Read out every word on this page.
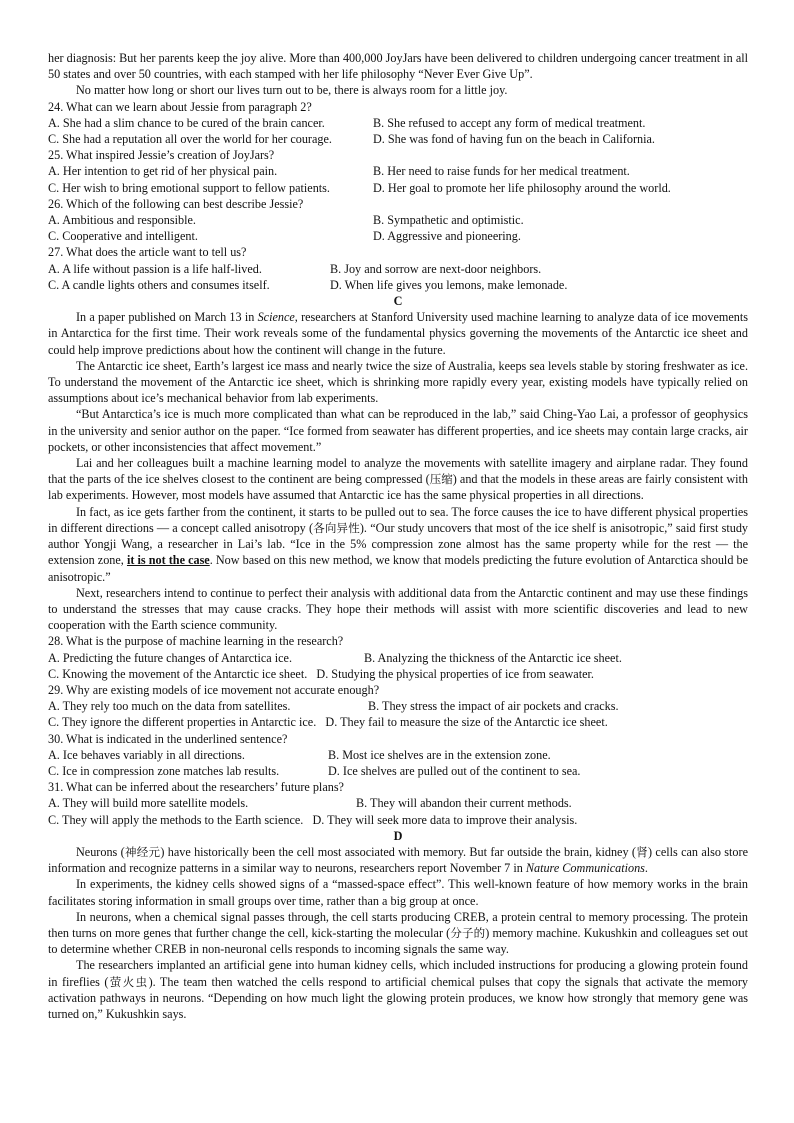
her diagnosis: But her parents keep the joy alive. More than 400,000 JoyJars have been delivered to children undergoing cancer treatment in all 50 states and over 50 countries, with each stamped with her life philosophy “Never Ever Give Up”.

No matter how long or short our lives turn out to be, there is always room for a little joy.

24. What can we learn about Jessie from paragraph 2?

A. She had a slim chance to be cured of the brain cancer.	B. She refused to accept any form of medical treatment.
C. She had a reputation all over the world for her courage.	D. She was fond of having fun on the beach in California.

25. What inspired Jessie’s creation of JoyJars?

A. Her intention to get rid of her physical pain.	B. Her need to raise funds for her medical treatment.
C. Her wish to bring emotional support to fellow patients.	D. Her goal to promote her life philosophy around the world.

26. Which of the following can best describe Jessie?

A. Ambitious and responsible.	B. Sympathetic and optimistic.
C. Cooperative and intelligent.	D. Aggressive and pioneering.

27. What does the article want to tell us?

A. A life without passion is a life half-lived.	B. Joy and sorrow are next-door neighbors.
C. A candle lights others and consumes itself.	D. When life gives you lemons, make lemonade.

C

In a paper published on March 13 in Science, researchers at Stanford University used machine learning to analyze data of ice movements in Antarctica for the first time. Their work reveals some of the fundamental physics governing the movements of the Antarctic ice sheet and could help improve predictions about how the continent will change in the future.

The Antarctic ice sheet, Earth’s largest ice mass and nearly twice the size of Australia, keeps sea levels stable by storing freshwater as ice. To understand the movement of the Antarctic ice sheet, which is shrinking more rapidly every year, existing models have typically relied on assumptions about ice’s mechanical behavior from lab experiments.

“But Antarctica’s ice is much more complicated than what can be reproduced in the lab,” said Ching-Yao Lai, a professor of geophysics in the university and senior author on the paper. “Ice formed from seawater has different properties, and ice sheets may contain large cracks, air pockets, or other inconsistencies that affect movement.”

Lai and her colleagues built a machine learning model to analyze the movements with satellite imagery and airplane radar. They found that the parts of the ice shelves closest to the continent are being compressed (压缩) and that the models in these areas are fairly consistent with lab experiments. However, most models have assumed that Antarctic ice has the same physical properties in all directions.

In fact, as ice gets farther from the continent, it starts to be pulled out to sea. The force causes the ice to have different physical properties in different directions — a concept called anisotropy (各向异性). “Our study uncovers that most of the ice shelf is anisotropic,” said first study author Yongji Wang, a researcher in Lai’s lab. “Ice in the 5% compression zone almost has the same property while for the rest — the extension zone, it is not the case. Now based on this new method, we know that models predicting the future evolution of Antarctica should be anisotropic.”

Next, researchers intend to continue to perfect their analysis with additional data from the Antarctic continent and may use these findings to understand the stresses that may cause cracks. They hope their methods will assist with more scientific discoveries and lead to new cooperation with the Earth science community.

28. What is the purpose of machine learning in the research?

A. Predicting the future changes of Antarctica ice.	B. Analyzing the thickness of the Antarctic ice sheet.
C. Knowing the movement of the Antarctic ice sheet. D. Studying the physical properties of ice from seawater.

29. Why are existing models of ice movement not accurate enough?

A. They rely too much on the data from satellites.	B. They stress the impact of air pockets and cracks.
C. They ignore the different properties in Antarctic ice. D. They fail to measure the size of the Antarctic ice sheet.

30. What is indicated in the underlined sentence?

A. Ice behaves variably in all directions.	B. Most ice shelves are in the extension zone.
C. Ice in compression zone matches lab results.	D. Ice shelves are pulled out of the continent to sea.

31. What can be inferred about the researchers’ future plans?

A. They will build more satellite models.	B. They will abandon their current methods.
C. They will apply the methods to the Earth science. D. They will seek more data to improve their analysis.

D

Neurons (神经元) have historically been the cell most associated with memory. But far outside the brain, kidney (肾) cells can also store information and recognize patterns in a similar way to neurons, researchers report November 7 in Nature Communications.

In experiments, the kidney cells showed signs of a “massed-space effect”. This well-known feature of how memory works in the brain facilitates storing information in small groups over time, rather than a big group at once.

In neurons, when a chemical signal passes through, the cell starts producing CREB, a protein central to memory processing. The protein then turns on more genes that further change the cell, kick-starting the molecular (分子的) memory machine. Kukushkin and colleagues set out to determine whether CREB in non-neuronal cells responds to incoming signals the same way.

The researchers implanted an artificial gene into human kidney cells, which included instructions for producing a glowing protein found in fireflies (萤火虫). The team then watched the cells respond to artificial chemical pulses that copy the signals that activate the memory activation pathways in neurons. “Depending on how much light the glowing protein produces, we know how strongly that memory gene was turned on,” Kukushkin says.
